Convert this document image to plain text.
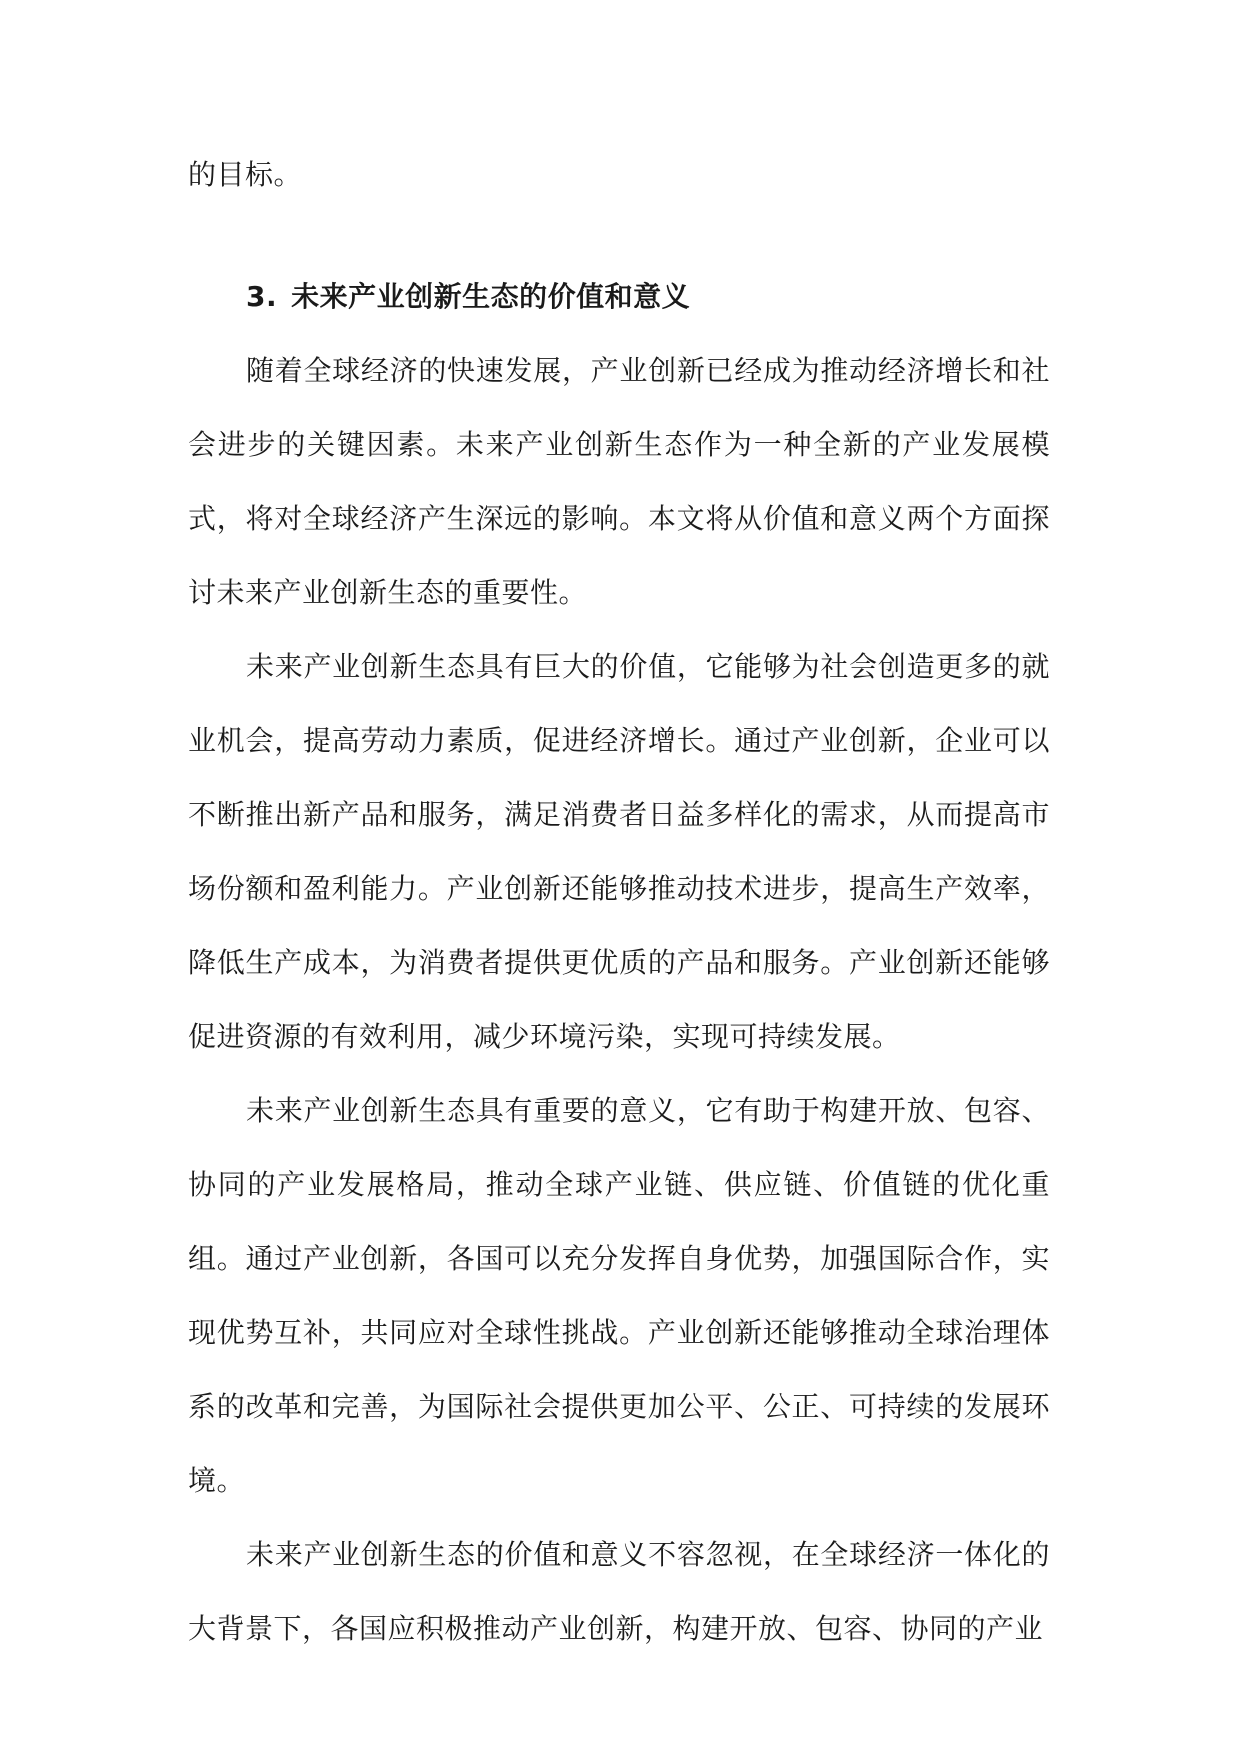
的目标。

3. 未来产业创新生态的价值和意义

随着全球经济的快速发展，产业创新已经成为推动经济增长和社会进步的关键因素。未来产业创新生态作为一种全新的产业发展模式，将对全球经济产生深远的影响。本文将从价值和意义两个方面探讨未来产业创新生态的重要性。

未来产业创新生态具有巨大的价值，它能够为社会创造更多的就业机会，提高劳动力素质，促进经济增长。通过产业创新，企业可以不断推出新产品和服务，满足消费者日益多样化的需求，从而提高市场份额和盈利能力。产业创新还能够推动技术进步，提高生产效率，降低生产成本，为消费者提供更优质的产品和服务。产业创新还能够促进资源的有效利用，减少环境污染，实现可持续发展。

未来产业创新生态具有重要的意义，它有助于构建开放、包容、协同的产业发展格局，推动全球产业链、供应链、价值链的优化重组。通过产业创新，各国可以充分发挥自身优势，加强国际合作，实现优势互补，共同应对全球性挑战。产业创新还能够推动全球治理体系的改革和完善，为国际社会提供更加公平、公正、可持续的发展环境。

未来产业创新生态的价值和意义不容忽视，在全球经济一体化的大背景下，各国应积极推动产业创新，构建开放、包容、协同的产业
